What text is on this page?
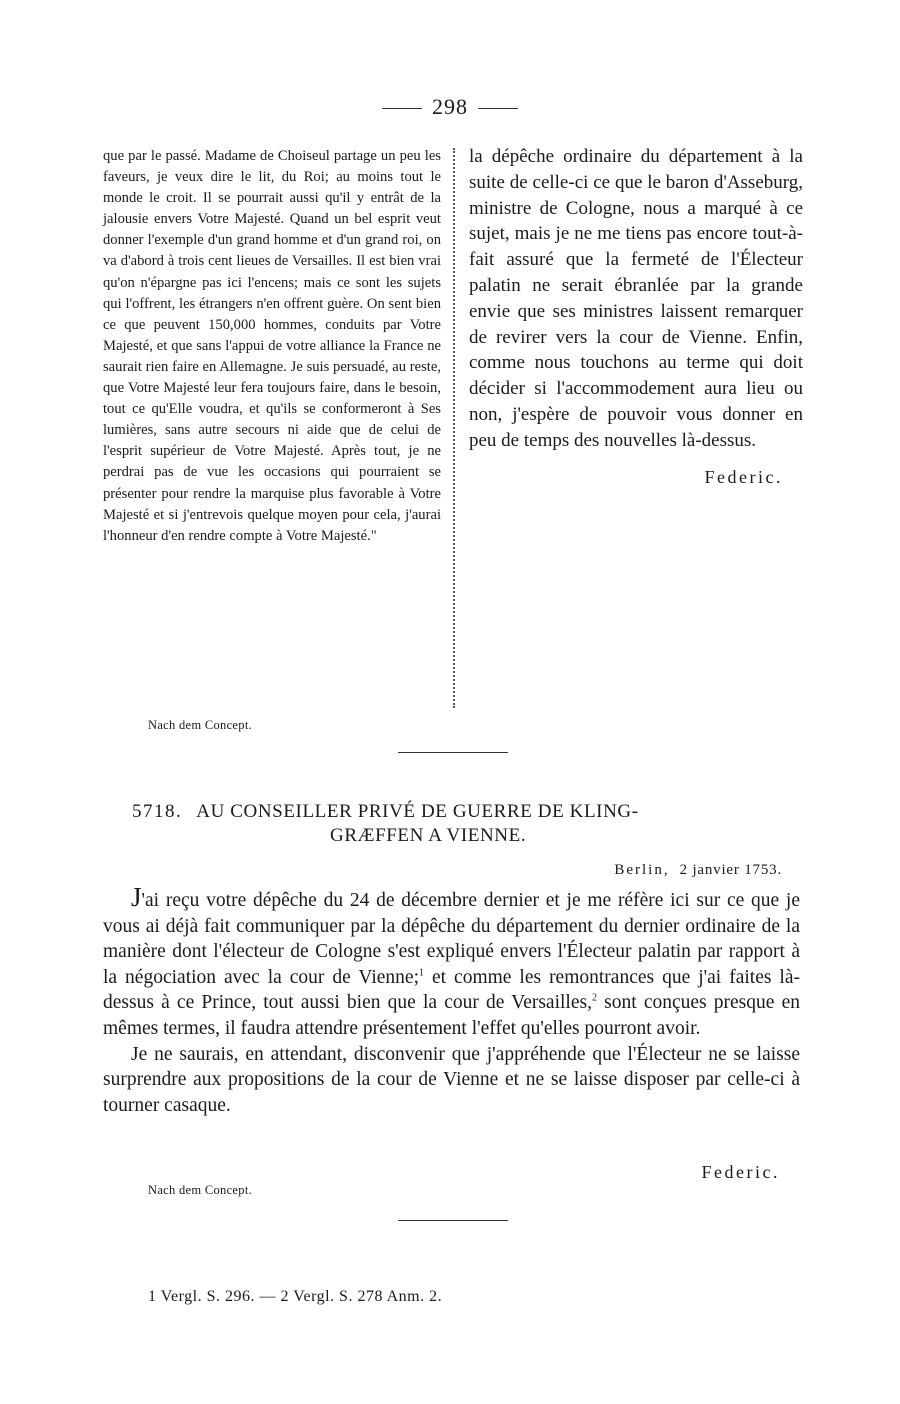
298

que par le passé. Madame de Choiseul partage un peu les faveurs, je veux dire le lit, du Roi; au moins tout le monde le croit. Il se pourrait aussi qu'il y entrât de la jalousie envers Votre Majesté. Quand un bel esprit veut donner l'exemple d'un grand homme et d'un grand roi, on va d'abord à trois cent lieues de Versailles. Il est bien vrai qu'on n'épargne pas ici l'encens; mais ce sont les sujets qui l'offrent, les étrangers n'en offrent guère. On sent bien ce que peuvent 150,000 hommes, conduits par Votre Majesté, et que sans l'appui de votre alliance la France ne saurait rien faire en Allemagne. Je suis persuadé, au reste, que Votre Majesté leur fera toujours faire, dans le besoin, tout ce qu'Elle voudra, et qu'ils se conformeront à Ses lumières, sans autre secours ni aide que de celui de l'esprit supérieur de Votre Majesté. Après tout, je ne perdrai pas de vue les occasions qui pourraient se présenter pour rendre la marquise plus favorable à Votre Majesté et si j'entrevois quelque moyen pour cela, j'aurai l'honneur d'en rendre compte à Votre Majesté."

Nach dem Concept.

la dépêche ordinaire du département à la suite de celle-ci ce que le baron d'Asseburg, ministre de Cologne, nous a marqué à ce sujet, mais je ne me tiens pas encore tout-à-fait assuré que la fermeté de l'Électeur palatin ne serait ébranlée par la grande envie que ses ministres laissent remarquer de revirer vers la cour de Vienne. Enfin, comme nous touchons au terme qui doit décider si l'accommodement aura lieu ou non, j'espère de pouvoir vous donner en peu de temps des nouvelles là-dessus.

Federic.
5718. AU CONSEILLER PRIVÉ DE GUERRE DE KLING-
GRÆFFEN A VIENNE.
Berlin, 2 janvier 1753.

J'ai reçu votre dépêche du 24 de décembre dernier et je me réfère ici sur ce que je vous ai déjà fait communiquer par la dépêche du département du dernier ordinaire de la manière dont l'électeur de Cologne s'est expliqué envers l'Électeur palatin par rapport à la négociation avec la cour de Vienne;$^1$ et comme les remontrances que j'ai faites là-dessus à ce Prince, tout aussi bien que la cour de Versailles,$^2$ sont conçues presque en mêmes termes, il faudra attendre présentement l'effet qu'elles pourront avoir.

Je ne saurais, en attendant, disconvenir que j'appréhende que l'Électeur ne se laisse surprendre aux propositions de la cour de Vienne et ne se laisse disposer par celle-ci à tourner casaque.

Federic.
Nach dem Concept.
1 Vergl. S. 296. — 2 Vergl. S. 278 Anm. 2.
